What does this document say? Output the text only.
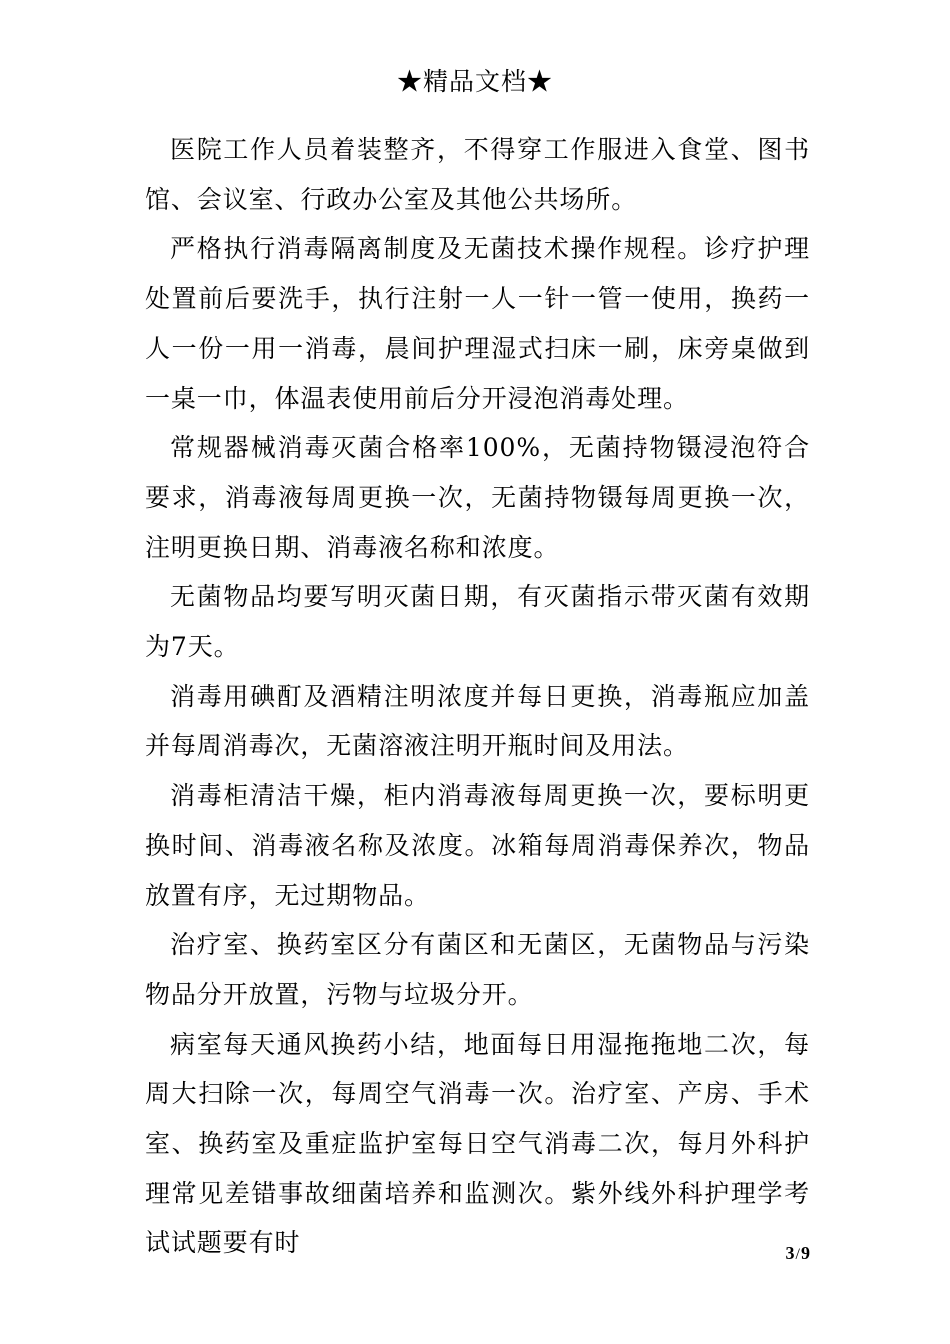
★精品文档★

医院工作人员着装整齐，不得穿工作服进入食堂、图书馆、会议室、行政办公室及其他公共场所。

严格执行消毒隔离制度及无菌技术操作规程。诊疗护理处置前后要洗手，执行注射一人一针一管一使用，换药一人一份一用一消毒，晨间护理湿式扫床一刷，床旁桌做到一桌一巾，体温表使用前后分开浸泡消毒处理。

常规器械消毒灭菌合格率100%，无菌持物镊浸泡符合要求，消毒液每周更换一次，无菌持物镊每周更换一次，注明更换日期、消毒液名称和浓度。

无菌物品均要写明灭菌日期，有灭菌指示带灭菌有效期为7天。

消毒用碘酊及酒精注明浓度并每日更换，消毒瓶应加盖并每周消毒次，无菌溶液注明开瓶时间及用法。

消毒柜清洁干燥，柜内消毒液每周更换一次，要标明更换时间、消毒液名称及浓度。冰箱每周消毒保养次，物品放置有序，无过期物品。

治疗室、换药室区分有菌区和无菌区，无菌物品与污染物品分开放置，污物与垃圾分开。

病室每天通风换药小结，地面每日用湿拖拖地二次，每周大扫除一次，每周空气消毒一次。治疗室、产房、手术室、换药室及重症监护室每日空气消毒二次，每月外科护理常见差错事故细菌培养和监测次。紫外线外科护理学考试试题要有时	3/9
